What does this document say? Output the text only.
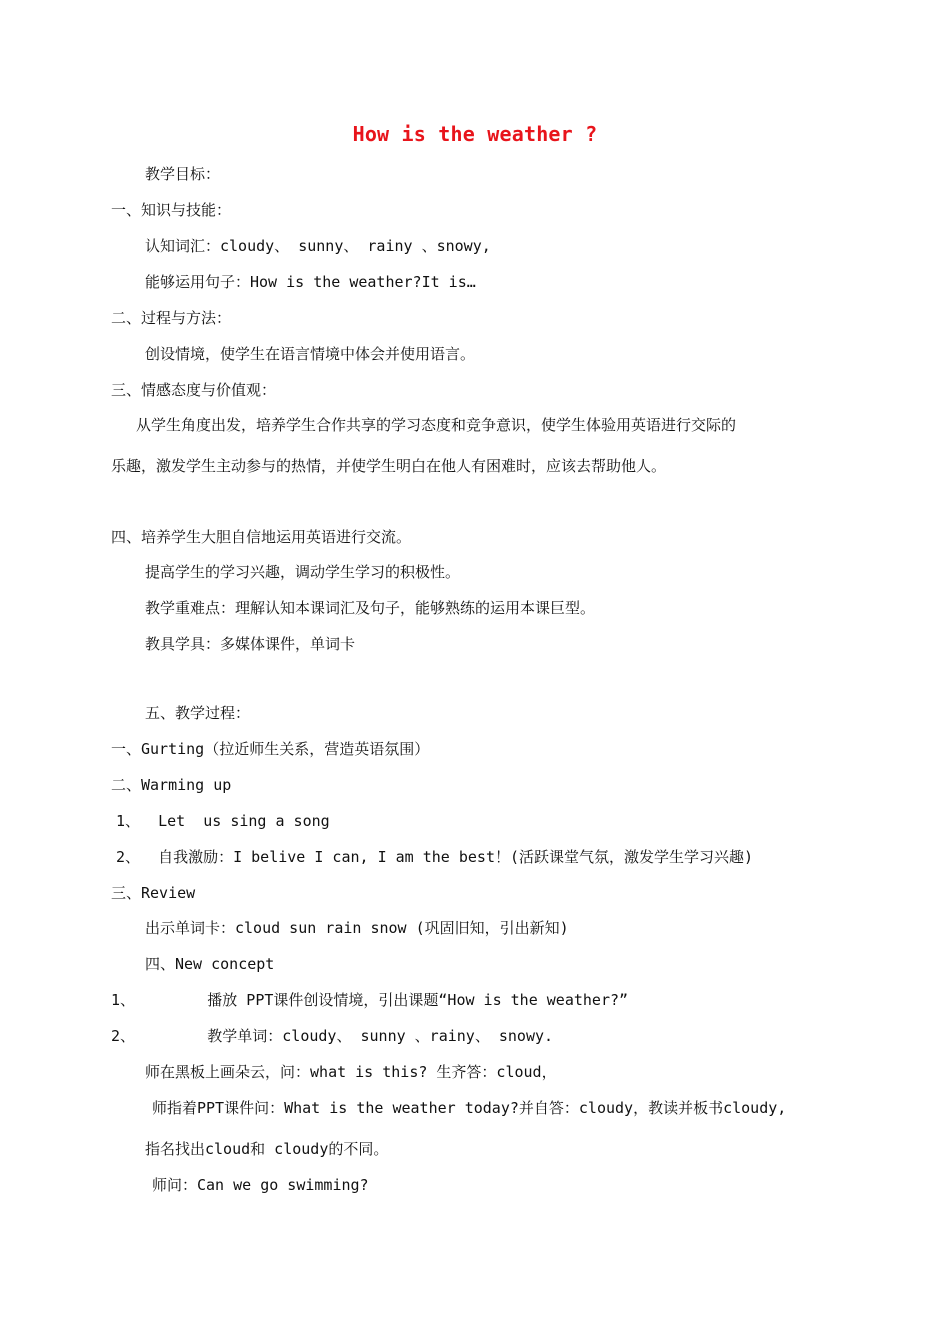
How is the weather ?
教学目标：
一、知识与技能：
认知词汇：cloudy、 sunny、 rainy 、snowy,
能够运用句子：How is the weather?It is…
二、过程与方法：
创设情境，使学生在语言情境中体会并使用语言。
三、情感态度与价值观：
从学生角度出发，培养学生合作共享的学习态度和竞争意识，使学生体验用英语进行交际的
乐趣，激发学生主动参与的热情，并使学生明白在他人有困难时，应该去帮助他人。
四、培养学生大胆自信地运用英语进行交流。
提高学生的学习兴趣，调动学生学习的积极性。
教学重难点：理解认知本课词汇及句子，能够熟练的运用本课巨型。
教具学具：多媒体课件，单词卡
五、教学过程：
一、Gurting（拉近师生关系，营造英语氛围）
二、Warming up
1、  Let  us sing a song
2、  自我激励：I belive I can, I am the best！(活跃课堂气氛，激发学生学习兴趣)
三、Review
出示单词卡：cloud sun rain snow (巩固旧知，引出新知)
四、New concept
1、        播放 PPT课件创设情境，引出课题“How is the weather?”
2、        教学单词：cloudy、 sunny 、rainy、 snowy.
师在黑板上画朵云，问：what is this? 生齐答：cloud，
师指着PPT课件问：What is the weather today?并自答：cloudy，教读并板书cloudy,
指名找出cloud和 cloudy的不同。
师问：Can we go swimming?
